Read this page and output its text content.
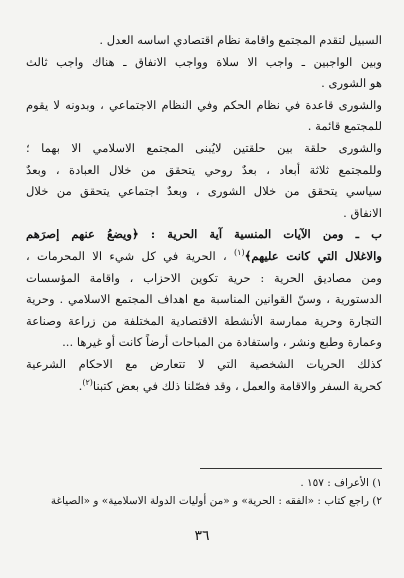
السبيل لتقدم المجتمع واقامة نظام اقتصادي اساسه العدل .
وبين الواجبين ـ واجب الا سلاة وواجب الانفاق ـ هناك واجب ثالث
هو الشورى .
والشورى قاعدة في نظام الحكم وفي النظام الاجتماعي ، وبدونه لا يقوم
للمجتمع قائمة .
والشورى حلقة بين حلقتين لايُبنى المجتمع الاسلامي الا بهما ؛
وللمجتمع ثلاثة أبعاد ، بعدٌ روحي يتحقق من خلال العبادة ، وبعدٌ
سياسي يتحقق من خلال الشورى ، وبعدٌ اجتماعي يتحقق من خلال
الانفاق .
ب ـ ومن الآيات المنسية آية الحرية : ﴿ويضعُ عنهم إصرَهم
والاغلال التي كانت عليهم﴾$^{(١)}$ ، الحرية في كل شيء الا المحرمات ،
ومن مصاديق الحرية : حرية تكوين الاحزاب ، واقامة المؤسسات
الدستورية ، وسنّ القوانين المناسبة مع اهداف المجتمع الاسلامي . وحرية
التجارة وحرية ممارسة الأنشطة الاقتصادية المختلفة من زراعة وصناعة
وعمارة وطبع ونشر ، واستفادة من المباحات أرضاً كانت أو غيرها ...
كذلك الحريات الشخصية التي لا تتعارض مع الاحكام الشرعية
كحرية السفر والاقامة والعمل ، وقد فصّلنا ذلك في بعض كتبنا$^{(٢)}$.
١) الأعراف : ١٥٧ .
٢) راجع كتاب : «الفقه : الحرية» و «من أوليات الدولة الاسلامية» و «الصياغة
٣٦
